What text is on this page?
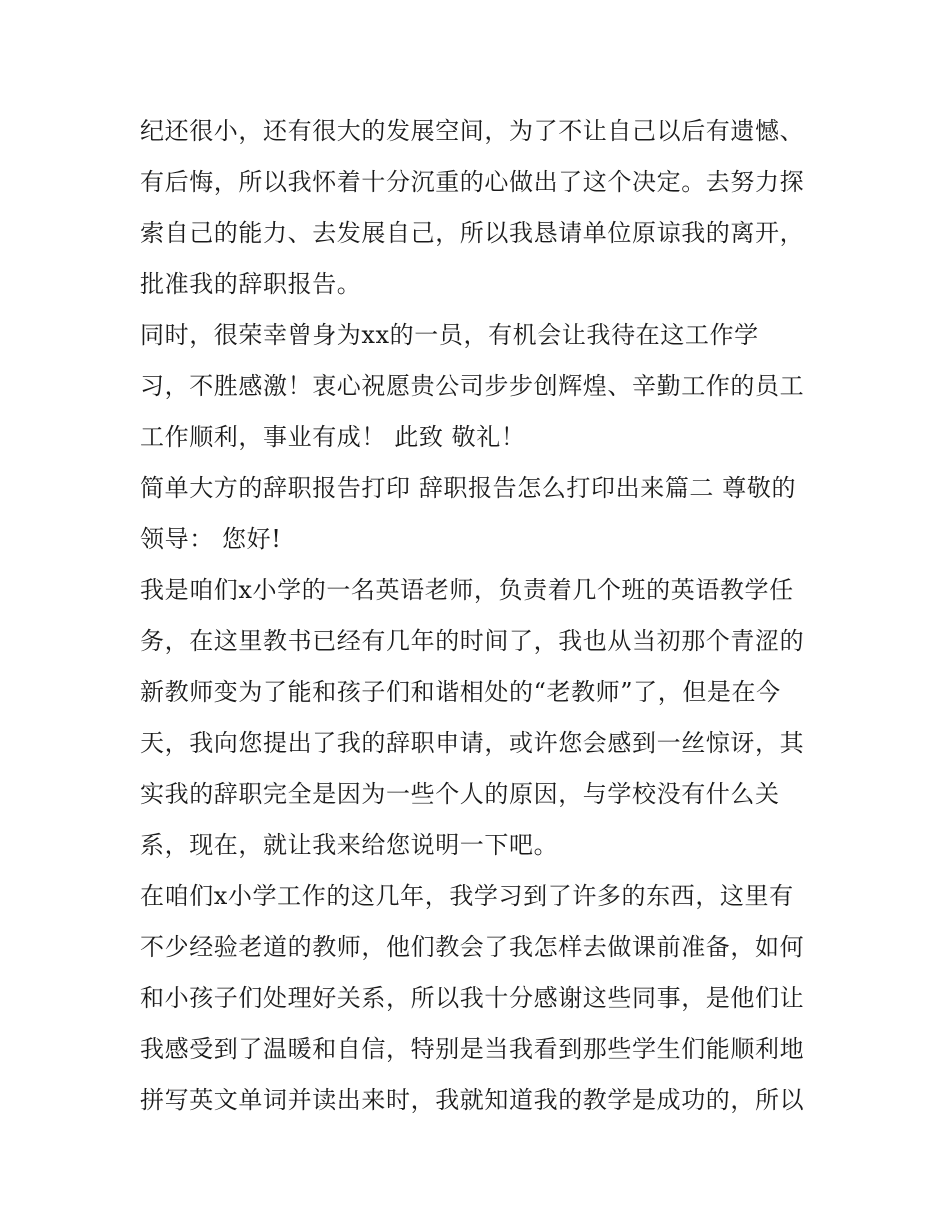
纪还很小，还有很大的发展空间，为了不让自己以后有遗憾、
有后悔，所以我怀着十分沉重的心做出了这个决定。去努力探
索自己的能力、去发展自己，所以我恳请单位原谅我的离开，
批准我的辞职报告。
同时，很荣幸曾身为xx的一员，有机会让我待在这工作学
习，不胜感激！衷心祝愿贵公司步步创辉煌、辛勤工作的员工
工作顺利，事业有成！ 此致 敬礼！
简单大方的辞职报告打印 辞职报告怎么打印出来篇二 尊敬的
领导： 您好!
我是咱们x小学的一名英语老师，负责着几个班的英语教学任
务，在这里教书已经有几年的时间了，我也从当初那个青涩的
新教师变为了能和孩子们和谐相处的“老教师”了，但是在今
天，我向您提出了我的辞职申请，或许您会感到一丝惊讶，其
实我的辞职完全是因为一些个人的原因，与学校没有什么关
系，现在，就让我来给您说明一下吧。
在咱们x小学工作的这几年，我学习到了许多的东西，这里有
不少经验老道的教师，他们教会了我怎样去做课前准备，如何
和小孩子们处理好关系，所以我十分感谢这些同事，是他们让
我感受到了温暖和自信，特别是当我看到那些学生们能顺利地
拼写英文单词并读出来时，我就知道我的教学是成功的，所以
